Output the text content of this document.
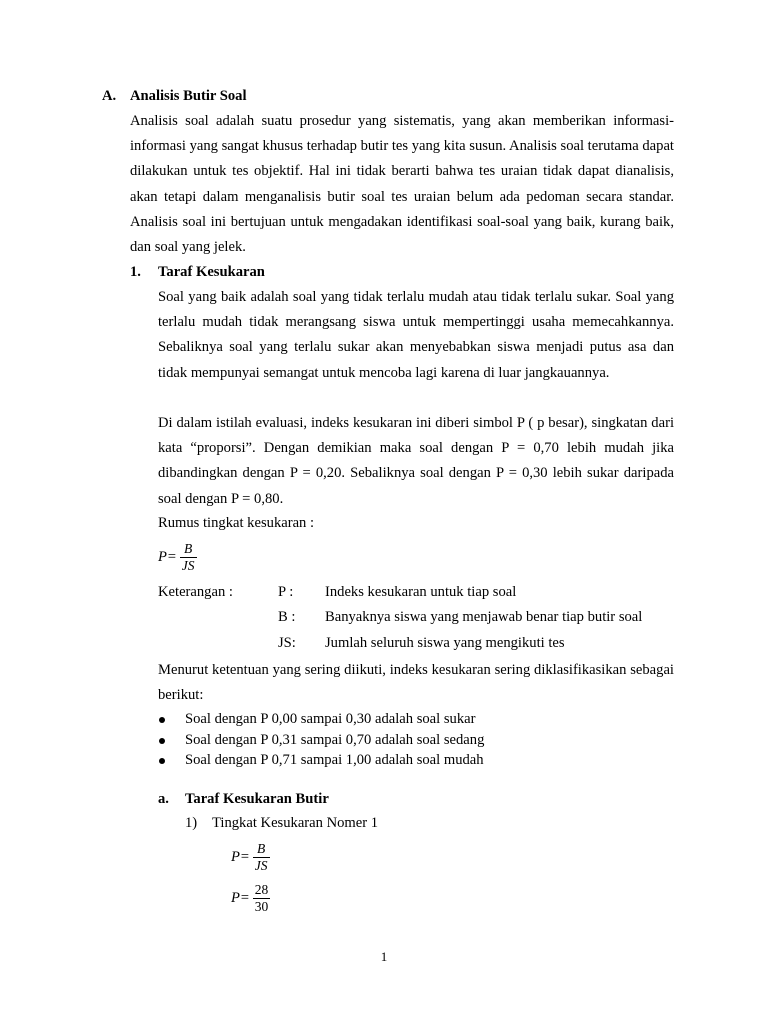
A. Analisis Butir Soal

Analisis soal adalah suatu prosedur yang sistematis, yang akan memberikan informasi-informasi yang sangat khusus terhadap butir tes yang kita susun. Analisis soal terutama dapat dilakukan untuk tes objektif. Hal ini tidak berarti bahwa tes uraian tidak dapat dianalisis, akan tetapi dalam menganalisis butir soal tes uraian belum ada pedoman secara standar. Analisis soal ini bertujuan untuk mengadakan identifikasi soal-soal yang baik, kurang baik, dan soal yang jelek.

1. Taraf Kesukaran

Soal yang baik adalah soal yang tidak terlalu mudah atau tidak terlalu sukar. Soal yang terlalu mudah tidak merangsang siswa untuk mempertinggi usaha memecahkannya. Sebaliknya soal yang terlalu sukar akan menyebabkan siswa menjadi putus asa dan tidak mempunyai semangat untuk mencoba lagi karena di luar jangkauannya.

Di dalam istilah evaluasi, indeks kesukaran ini diberi simbol P ( p besar), singkatan dari kata “proporsi”. Dengan demikian maka soal dengan P = 0,70 lebih mudah jika dibandingkan dengan P = 0,20. Sebaliknya soal dengan P = 0,30 lebih sukar daripada soal dengan P = 0,80.

Rumus tingkat kesukaran :
$P= \frac{B}{JS}$
Keterangan :	P : Indeks kesukaran untuk tiap soal
B : Banyaknya siswa yang menjawab benar tiap butir soal
JS: Jumlah seluruh siswa yang mengikuti tes

Menurut ketentuan yang sering diikuti, indeks kesukaran sering diklasifikasikan sebagai berikut:

Soal dengan P 0,00 sampai 0,30 adalah soal sukar
Soal dengan P 0,31 sampai 0,70 adalah soal sedang
Soal dengan P 0,71 sampai 1,00 adalah soal mudah
a. Taraf Kesukaran Butir
1) Tingkat Kesukaran Nomer 1
$P= \frac{B}{JS}$
$P= \frac{28}{30}$
1
